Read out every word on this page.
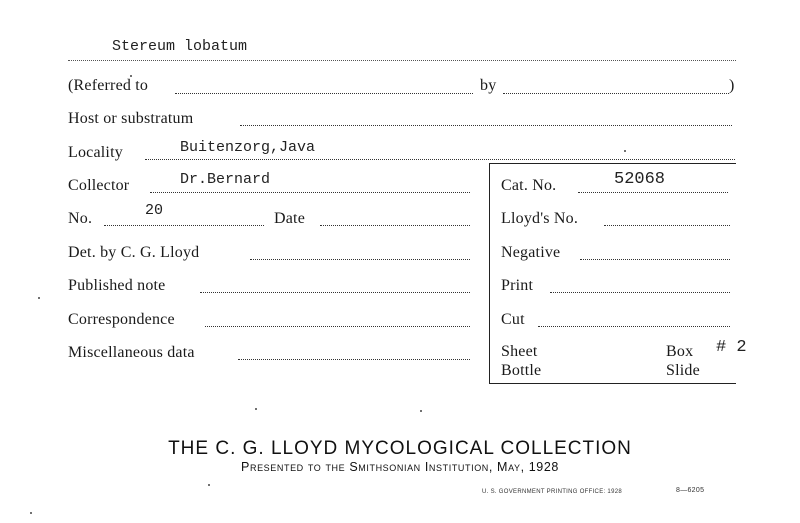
Stereum lobatum
(Referred to	by	)
Host or substratum
Locality	Buitenzorg,Java
Collector	Dr.Bernard
No.	20	Date
Det. by C. G. Lloyd
Published note
Correspondence
Miscellaneous data
Cat. No.	52068
Lloyd's No.
Negative
Print
Cut
Sheet	Box # 2
Bottle	Slide
THE C. G. LLOYD MYCOLOGICAL COLLECTION
Presented to the Smithsonian Institution, May, 1928
U. S. GOVERNMENT PRINTING OFFICE: 1928	8—6205
